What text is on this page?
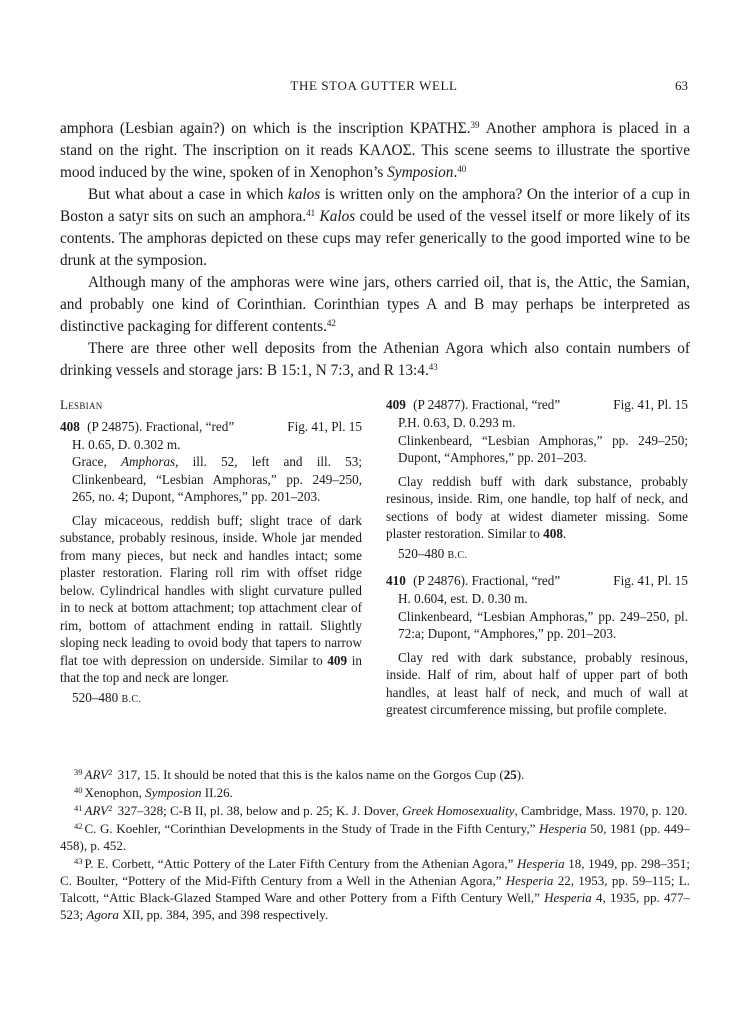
THE STOA GUTTER WELL	63

amphora (Lesbian again?) on which is the inscription ΚΡΑΤΗΣ.$^{39}$ Another amphora is placed in a stand on the right. The inscription on it reads ΚΑΛΟΣ. This scene seems to illustrate the sportive mood induced by the wine, spoken of in Xenophon’s Symposion.$^{40}$

But what about a case in which kalos is written only on the amphora? On the interior of a cup in Boston a satyr sits on such an amphora.$^{41}$ Kalos could be used of the vessel itself or more likely of its contents. The amphoras depicted on these cups may refer generically to the good imported wine to be drunk at the symposion.

Although many of the amphoras were wine jars, others carried oil, that is, the Attic, the Samian, and probably one kind of Corinthian. Corinthian types A and B may perhaps be interpreted as distinctive packaging for different contents.$^{42}$

There are three other well deposits from the Athenian Agora which also contain numbers of drinking vessels and storage jars: B 15:1, N 7:3, and R 13:4.43

Lesbian
408 (P 24875). Fractional, “red”	Fig. 41, Pl. 15
H. 0.65, D. 0.302 m.
Grace, Amphoras, ill. 52, left and ill. 53; Clinkenbeard, “Lesbian Amphoras,” pp. 249–250, 265, no. 4; Dupont, “Amphores,” pp. 201–203.
Clay micaceous, reddish buff; slight trace of dark substance, probably resinous, inside. Whole jar mended from many pieces, but neck and handles intact; some plaster restoration. Flaring roll rim with offset ridge below. Cylindrical handles with slight curvature pulled in to neck at bottom attachment; top attachment clear of rim, bottom of attachment ending in rattail. Slightly sloping neck leading to ovoid body that tapers to narrow flat toe with depression on underside. Similar to 409 in that the top and neck are longer.
520–480 B.C.
409 (P 24877). Fractional, “red”	Fig. 41, Pl. 15
P.H. 0.63, D. 0.293 m.
Clinkenbeard, “Lesbian Amphoras,” pp. 249–250; Dupont, “Amphores,” pp. 201–203.
Clay reddish buff with dark substance, probably resinous, inside. Rim, one handle, top half of neck, and sections of body at widest diameter missing. Some plaster restoration. Similar to 408.
520–480 B.C.
410 (P 24876). Fractional, “red”	Fig. 41, Pl. 15
H. 0.604, est. D. 0.30 m.
Clinkenbeard, “Lesbian Amphoras,” pp. 249–250, pl. 72:a; Dupont, “Amphores,” pp. 201–203.
Clay red with dark substance, probably resinous, inside. Half of rim, about half of upper part of both handles, at least half of neck, and much of wall at greatest circumference missing, but profile complete.
$^{39}$ ARV$^2$ 317, 15. It should be noted that this is the kalos name on the Gorgos Cup (25).
$^{40}$ Xenophon, Symposion II.26.
$^{41}$ ARV$^2$ 327–328; C-B II, pl. 38, below and p. 25; K. J. Dover, Greek Homosexuality, Cambridge, Mass. 1970, p. 120.
$^{42}$ C. G. Koehler, “Corinthian Developments in the Study of Trade in the Fifth Century,” Hesperia 50, 1981 (pp. 449–458), p. 452.
$^{43}$ P. E. Corbett, “Attic Pottery of the Later Fifth Century from the Athenian Agora,” Hesperia 18, 1949, pp. 298–351; C. Boulter, “Pottery of the Mid-Fifth Century from a Well in the Athenian Agora,” Hesperia 22, 1953, pp. 59–115; L. Talcott, “Attic Black-Glazed Stamped Ware and other Pottery from a Fifth Century Well,” Hesperia 4, 1935, pp. 477–523; Agora XII, pp. 384, 395, and 398 respectively.
